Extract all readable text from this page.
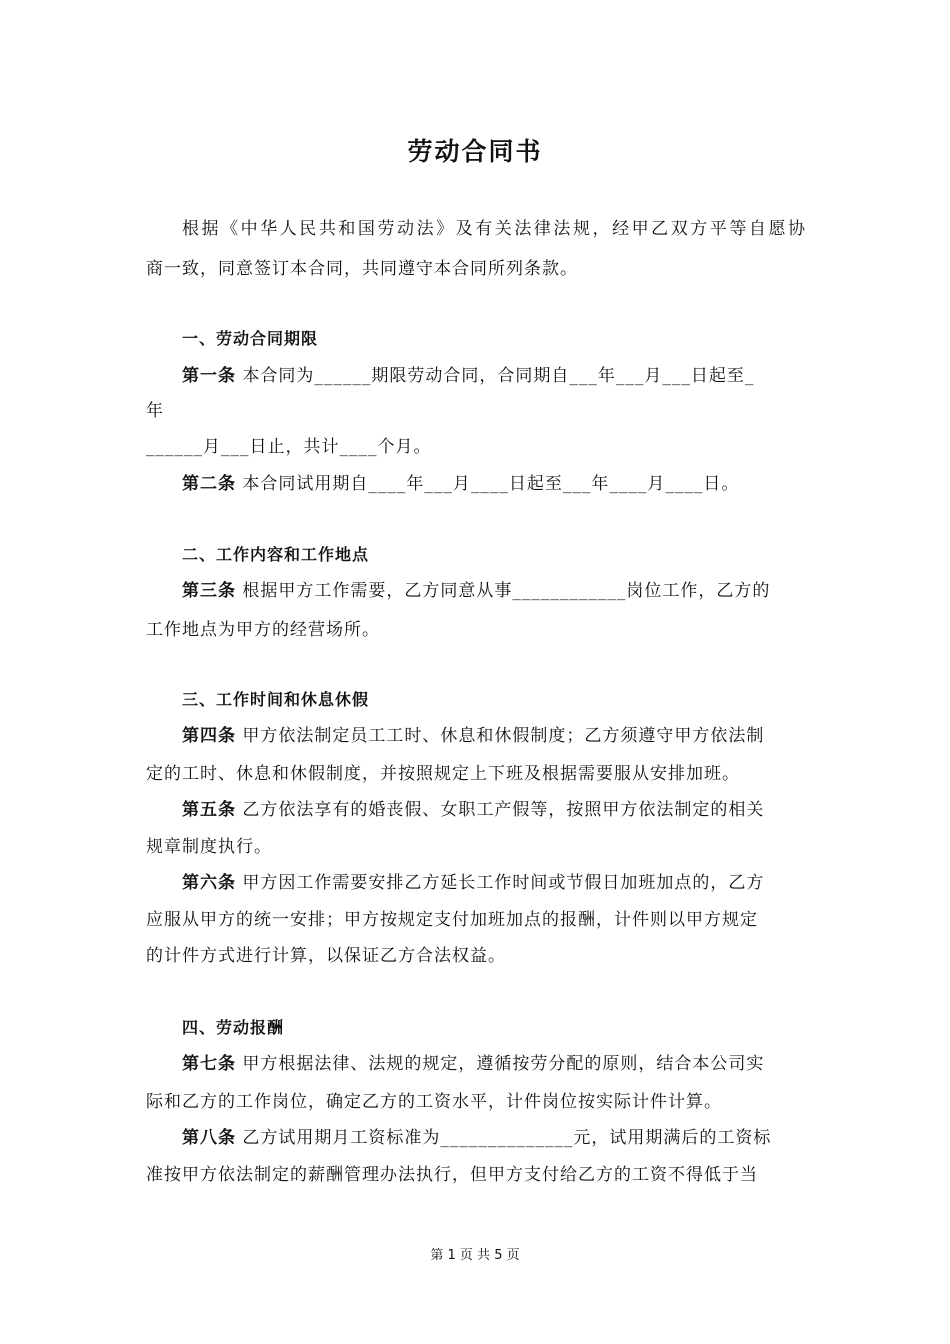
劳动合同书
根据《中华人民共和国劳动法》及有关法律法规，经甲乙双方平等自愿协
商一致，同意签订本合同，共同遵守本合同所列条款。
一、劳动合同期限
第一条 本合同为______期限劳动合同，合同期自___年___月___日起至_
年
______月___日止，共计____个月。
第二条 本合同试用期自____年___月____日起至___年____月____日。
二、工作内容和工作地点
第三条 根据甲方工作需要，乙方同意从事____________岗位工作，乙方的
工作地点为甲方的经营场所。
三、工作时间和休息休假
第四条 甲方依法制定员工工时、休息和休假制度；乙方须遵守甲方依法制
定的工时、休息和休假制度，并按照规定上下班及根据需要服从安排加班。
第五条 乙方依法享有的婚丧假、女职工产假等，按照甲方依法制定的相关
规章制度执行。
第六条 甲方因工作需要安排乙方延长工作时间或节假日加班加点的，乙方
应服从甲方的统一安排；甲方按规定支付加班加点的报酬，计件则以甲方规定
的计件方式进行计算，以保证乙方合法权益。
四、劳动报酬
第七条 甲方根据法律、法规的规定，遵循按劳分配的原则，结合本公司实
际和乙方的工作岗位，确定乙方的工资水平，计件岗位按实际计件计算。
第八条 乙方试用期月工资标准为______________元，试用期满后的工资标
准按甲方依法制定的薪酬管理办法执行，但甲方支付给乙方的工资不得低于当
第 1 页 共 5 页
